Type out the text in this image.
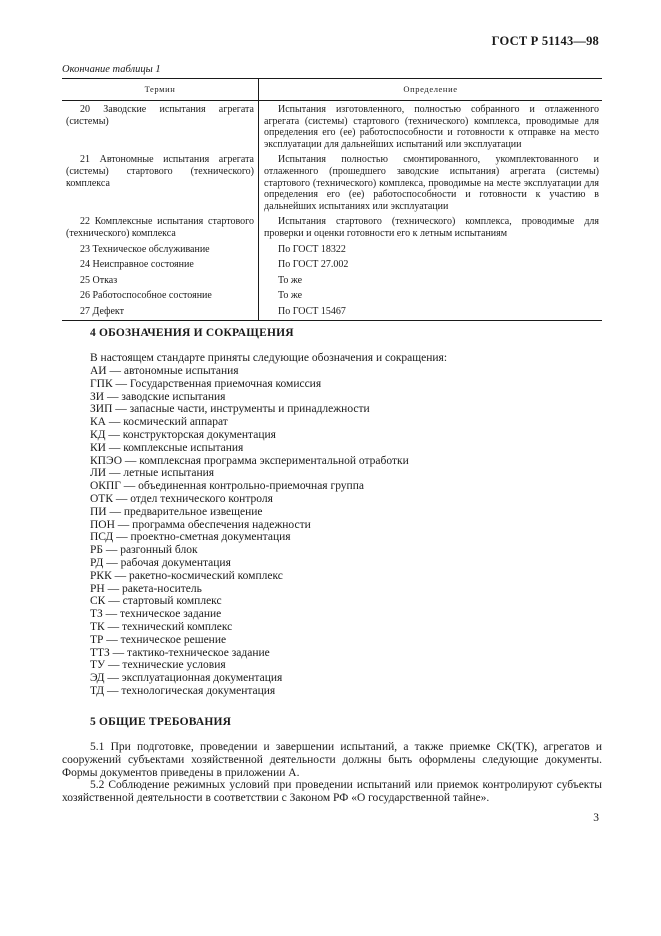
ГОСТ Р 51143—98
Окончание таблицы 1
Термин	Определение
20 Заводские испытания агрегата (системы)	Испытания изготовленного, полностью собранного и отлаженного агрегата (системы) стартового (технического) комплекса, проводимые для определения его (ее) работоспособности и готовности к отправке на место эксплуатации для дальнейших испытаний или эксплуатации
21 Автономные испытания агрегата (системы) стартового (технического) комплекса	Испытания полностью смонтированного, укомплектованного и отлаженного (прошедшего заводские испытания) агрегата (системы) стартового (технического) комплекса, проводимые на месте эксплуатации для определения его (ее) работоспособности и готовности к участию в дальнейших испытаниях или эксплуатации
22 Комплексные испытания стартового (технического) комплекса	Испытания стартового (технического) комплекса, проводимые для проверки и оценки готовности его к летным испытаниям
23 Техническое обслуживание	По ГОСТ 18322
24 Неисправное состояние	По ГОСТ 27.002
25 Отказ	То же
26 Работоспособное состояние	То же
27 Дефект	По ГОСТ 15467
4 ОБОЗНАЧЕНИЯ И СОКРАЩЕНИЯ
В настоящем стандарте приняты следующие обозначения и сокращения:
АИ — автономные испытания
ГПК — Государственная приемочная комиссия
ЗИ — заводские испытания
ЗИП — запасные части, инструменты и принадлежности
КА — космический аппарат
КД — конструкторская документация
КИ — комплексные испытания
КПЭО — комплексная программа экспериментальной отработки
ЛИ — летные испытания
ОКПГ — объединенная контрольно-приемочная группа
ОТК — отдел технического контроля
ПИ — предварительное извещение
ПОН — программа обеспечения надежности
ПСД — проектно-сметная документация
РБ — разгонный блок
РД — рабочая документация
РКК — ракетно-космический комплекс
РН — ракета-носитель
СК — стартовый комплекс
ТЗ — техническое задание
ТК — технический комплекс
ТР — техническое решение
ТТЗ — тактико-техническое задание
ТУ — технические условия
ЭД — эксплуатационная документация
ТД — технологическая документация
5 ОБЩИЕ ТРЕБОВАНИЯ

5.1 При подготовке, проведении и завершении испытаний, а также приемке СК(ТК), агрегатов и сооружений субъектами хозяйственной деятельности должны быть оформлены следующие документы. Формы документов приведены в приложении А.

5.2 Соблюдение режимных условий при проведении испытаний или приемок контролируют субъекты хозяйственной деятельности в соответствии с Законом РФ «О государственной тайне».

3
